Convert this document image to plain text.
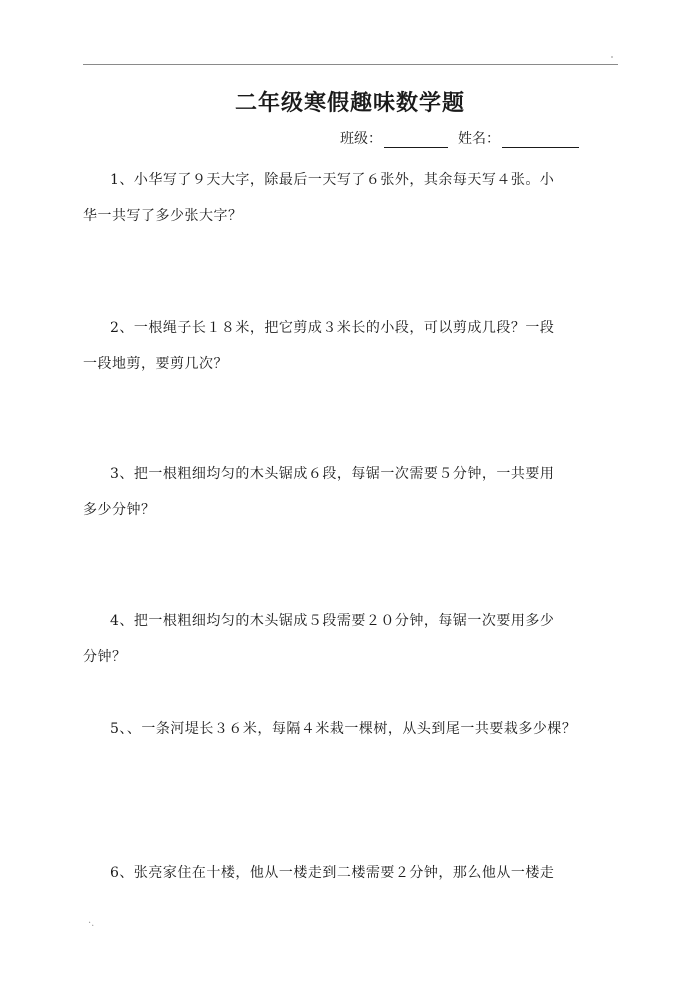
二年级寒假趣味数学题
班级：	姓名：
1、小华写了９天大字，除最后一天写了６张外，其余每天写４张。小
华一共写了多少张大字？
2、一根绳子长１８米，把它剪成３米长的小段，可以剪成几段？一段
一段地剪，要剪几次？
3、把一根粗细均匀的木头锯成６段，每锯一次需要５分钟，一共要用
多少分钟？
4、把一根粗细均匀的木头锯成５段需要２０分钟，每锯一次要用多少
分钟？
5、、一条河堤长３６米，每隔４米栽一棵树，从头到尾一共要栽多少棵？
6、张亮家住在十楼，他从一楼走到二楼需要２分钟，那么他从一楼走
·.
